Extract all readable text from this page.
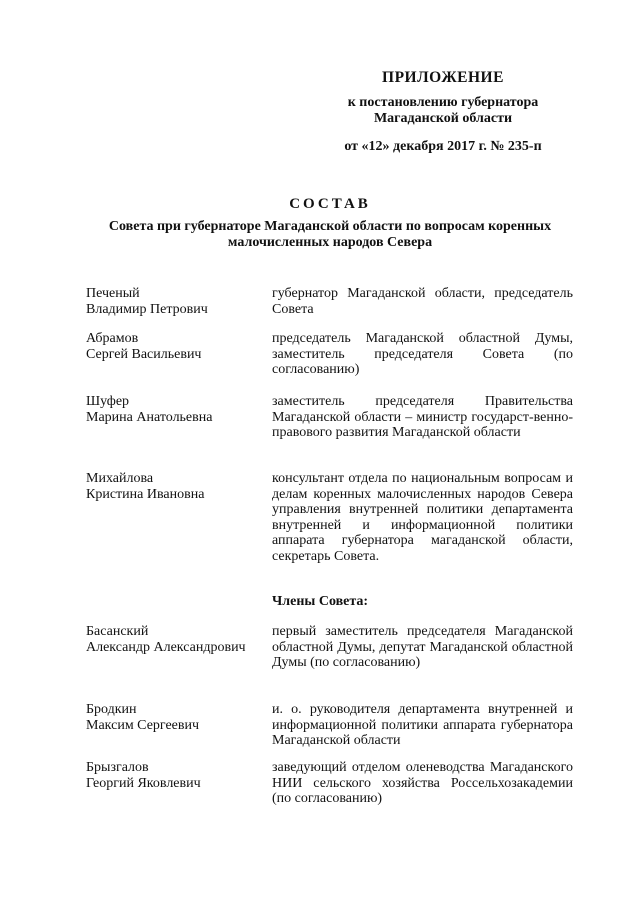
ПРИЛОЖЕНИЕ
к постановлению губернатора
Магаданской области
от «12» декабря 2017 г. № 235-п
СОСТАВ
Совета при губернаторе Магаданской области по вопросам коренных малочисленных народов Севера
Печеный
Владимир Петрович
губернатор Магаданской области, председатель Совета
Абрамов
Сергей Васильевич
председатель Магаданской областной Думы, заместитель председателя Совета (по согласованию)
Шуфер
Марина Анатольевна
заместитель председателя Правительства Магаданской области – министр государст-венно-правового развития Магаданской области
Михайлова
Кристина Ивановна
консультант отдела по национальным вопросам и делам коренных малочисленных народов Севера управления внутренней политики департамента внутренней и информационной политики аппарата губернатора магаданской области, секретарь Совета.
Члены Совета:
Басанский
Александр Александрович
первый заместитель председателя Магаданской областной Думы, депутат Магаданской областной Думы (по согласованию)
Бродкин
Максим Сергеевич
и. о. руководителя департамента внутренней и информационной политики аппарата губернатора Магаданской области
Брызгалов
Георгий Яковлевич
заведующий отделом оленеводства Магаданского НИИ сельского хозяйства Россельхозакадемии (по согласованию)
